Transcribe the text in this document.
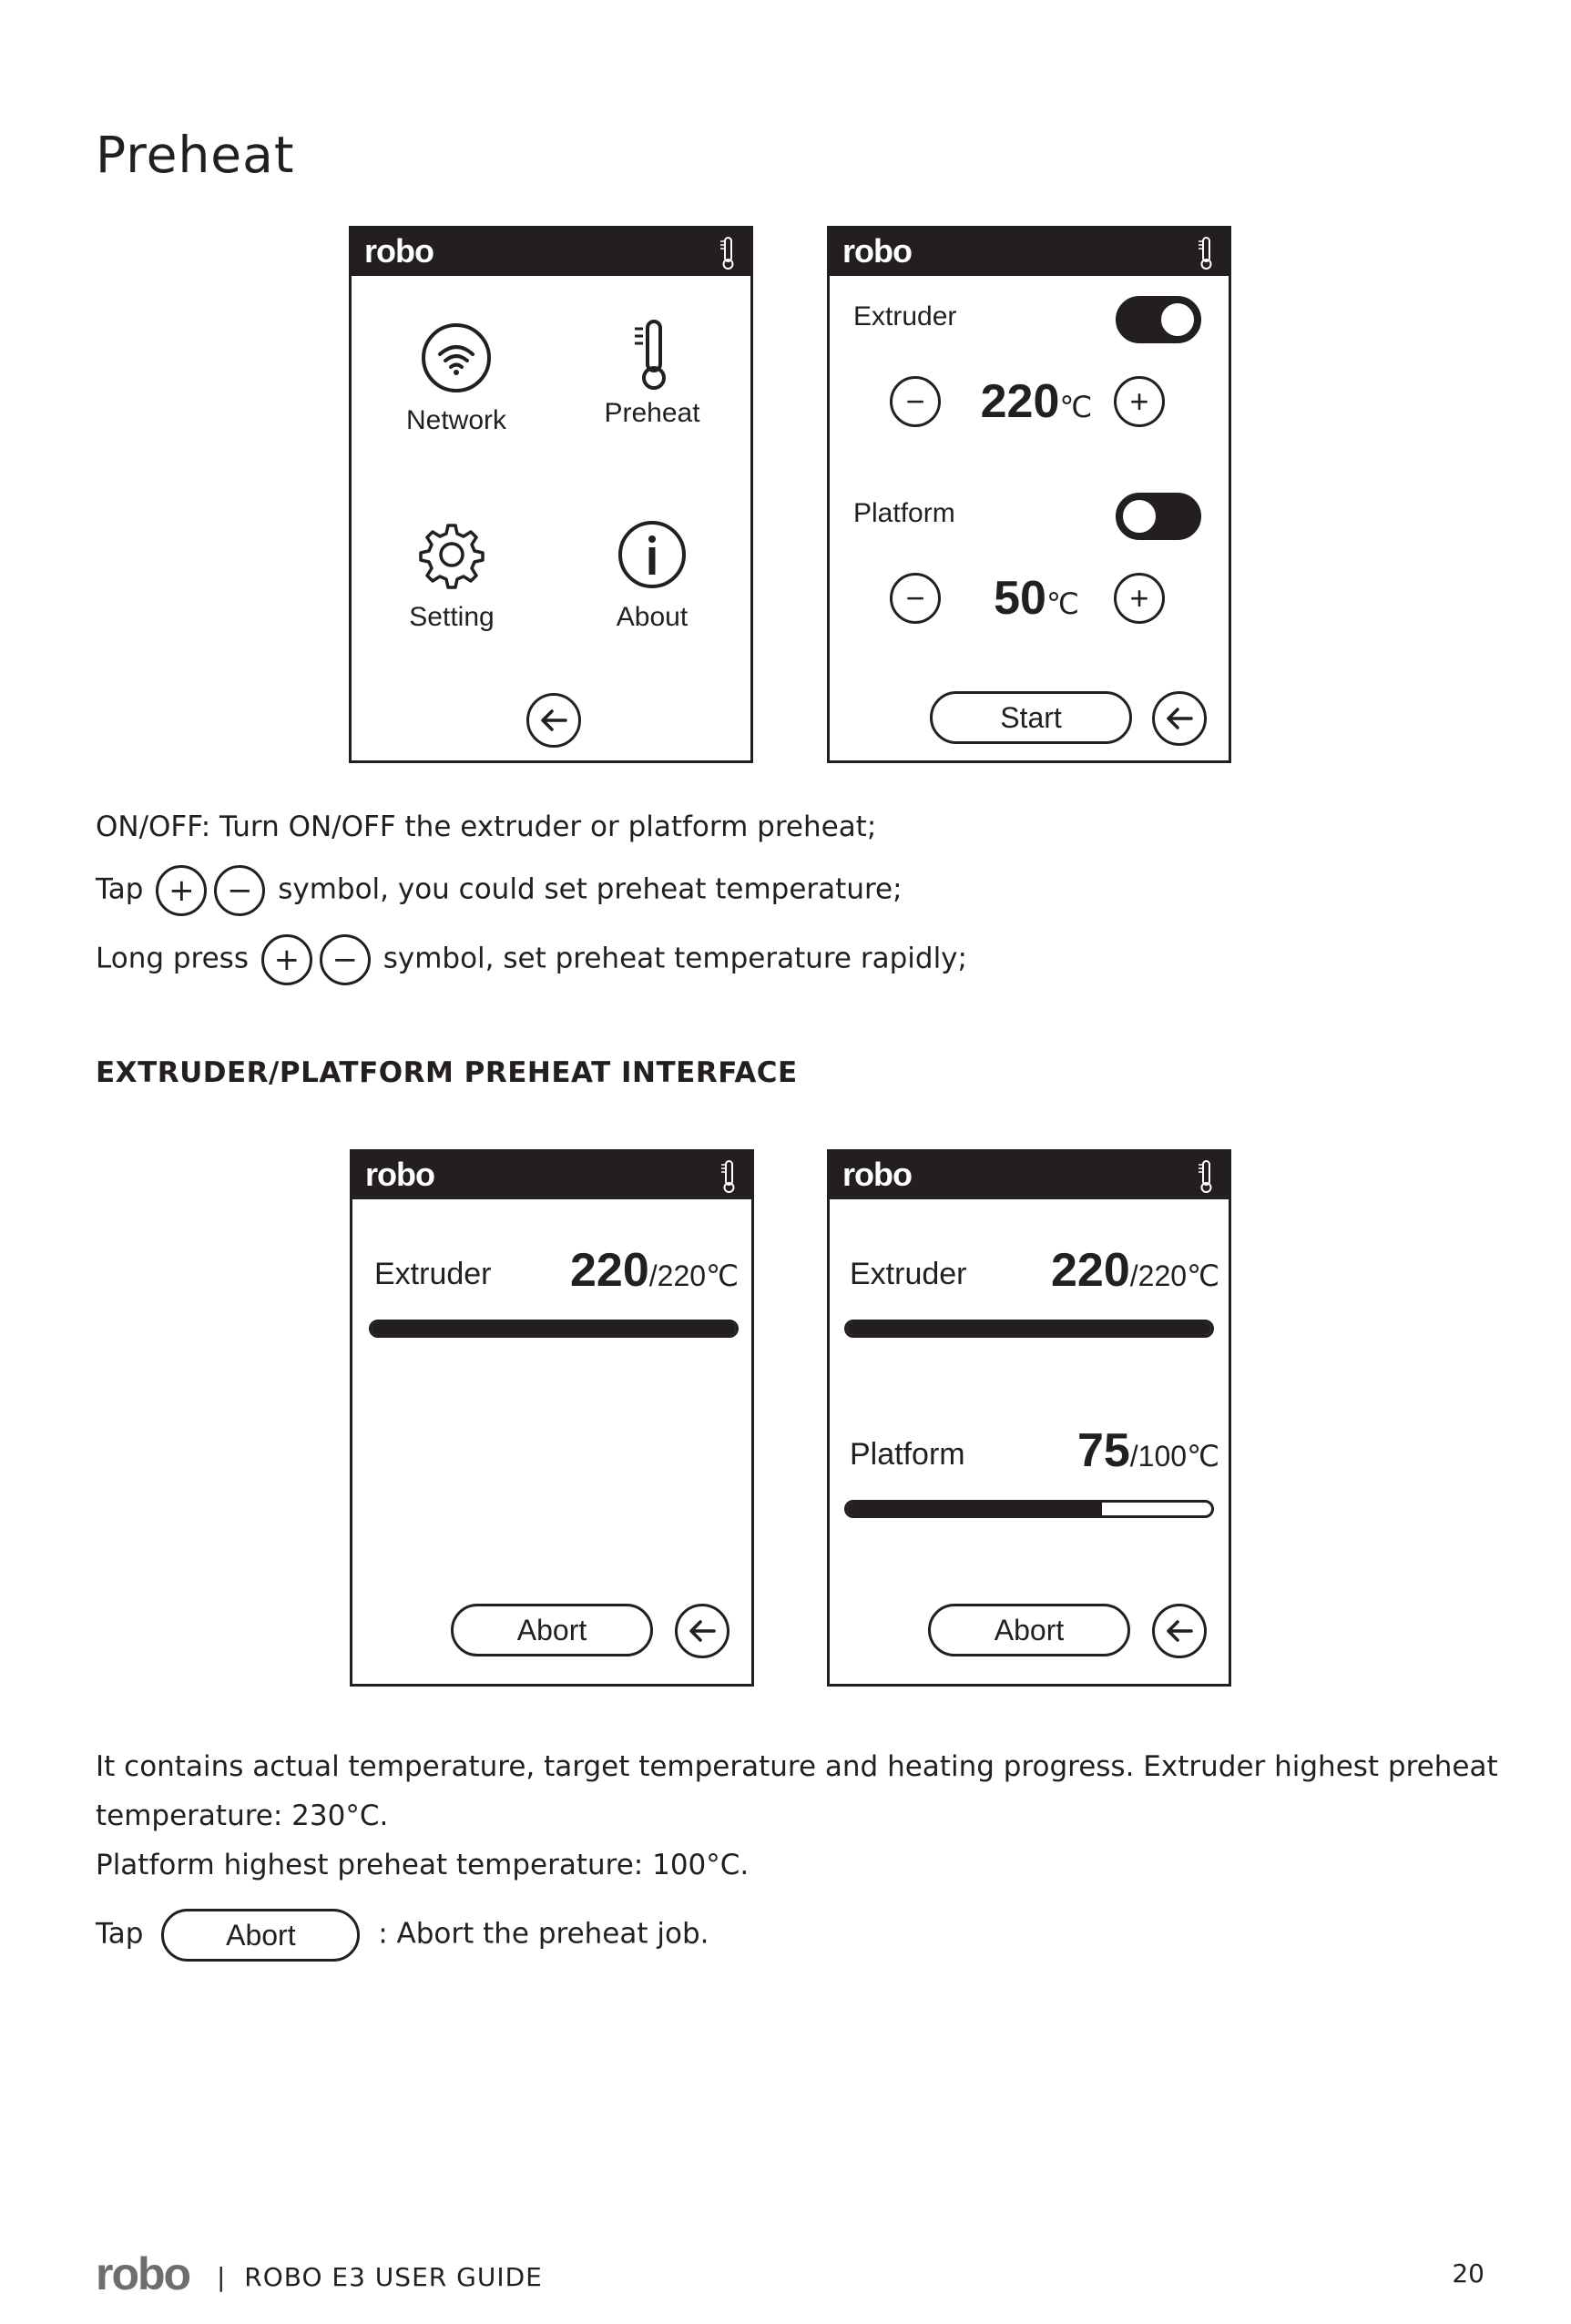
Preheat
robo
Network	Preheat
Setting	About
robo
Extruder
− 220℃	+
Platform
−	50℃	+
Start
ON/OFF: Turn ON/OFF the extruder or platform preheat;
Tap + − symbol, you could set preheat temperature;
Long press + − symbol, set preheat temperature rapidly;
EXTRUDER/PLATFORM PREHEAT INTERFACE
robo
Extruder 220/220℃
Abort
robo
Extruder 220/220℃
Platform 75/100℃
Abort
It contains actual temperature, target temperature and heating progress. Extruder highest preheat
temperature: 230°C.
Platform highest preheat temperature: 100°C.
Tap	Abort	: Abort the preheat job.
robo | ROBO E3 USER GUIDE	20
